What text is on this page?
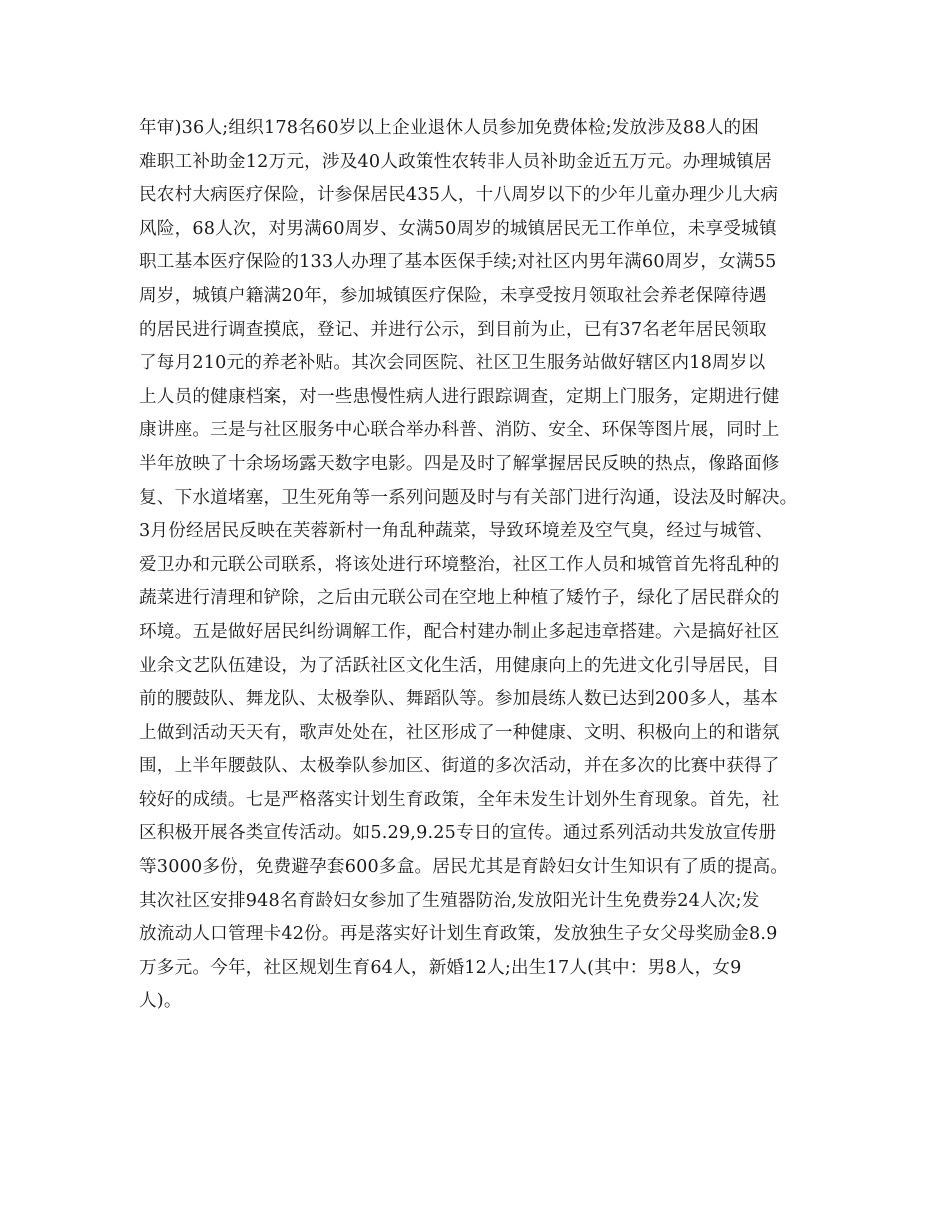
年审)36人;组织178名60岁以上企业退休人员参加免费体检;发放涉及88人的困
难职工补助金12万元，涉及40人政策性农转非人员补助金近五万元。办理城镇居
民农村大病医疗保险，计参保居民435人，十八周岁以下的少年儿童办理少儿大病
风险，68人次，对男满60周岁、女满50周岁的城镇居民无工作单位，未享受城镇
职工基本医疗保险的133人办理了基本医保手续;对社区内男年满60周岁，女满55
周岁，城镇户籍满20年，参加城镇医疗保险，未享受按月领取社会养老保障待遇
的居民进行调查摸底，登记、并进行公示，到目前为止，已有37名老年居民领取
了每月210元的养老补贴。其次会同医院、社区卫生服务站做好辖区内18周岁以
上人员的健康档案，对一些患慢性病人进行跟踪调查，定期上门服务，定期进行健
康讲座。三是与社区服务中心联合举办科普、消防、安全、环保等图片展，同时上
半年放映了十余场场露天数字电影。四是及时了解掌握居民反映的热点，像路面修
复、下水道堵塞，卫生死角等一系列问题及时与有关部门进行沟通，设法及时解决。
3月份经居民反映在芙蓉新村一角乱种蔬菜，导致环境差及空气臭，经过与城管、
爱卫办和元联公司联系，将该处进行环境整治，社区工作人员和城管首先将乱种的
蔬菜进行清理和铲除，之后由元联公司在空地上种植了矮竹子，绿化了居民群众的
环境。五是做好居民纠纷调解工作，配合村建办制止多起违章搭建。六是搞好社区
业余文艺队伍建设，为了活跃社区文化生活，用健康向上的先进文化引导居民，目
前的腰鼓队、舞龙队、太极拳队、舞蹈队等。参加晨练人数已达到200多人，基本
上做到活动天天有，歌声处处在，社区形成了一种健康、文明、积极向上的和谐氛
围，上半年腰鼓队、太极拳队参加区、街道的多次活动，并在多次的比赛中获得了
较好的成绩。七是严格落实计划生育政策，全年未发生计划外生育现象。首先，社
区积极开展各类宣传活动。如5.29,9.25专日的宣传。通过系列活动共发放宣传册
等3000多份，免费避孕套600多盒。居民尤其是育龄妇女计生知识有了质的提高。
其次社区安排948名育龄妇女参加了生殖器防治,发放阳光计生免费券24人次;发
放流动人口管理卡42份。再是落实好计划生育政策，发放独生子女父母奖励金8.9
万多元。今年，社区规划生育64人，新婚12人;出生17人(其中：男8人，女9
人)。
